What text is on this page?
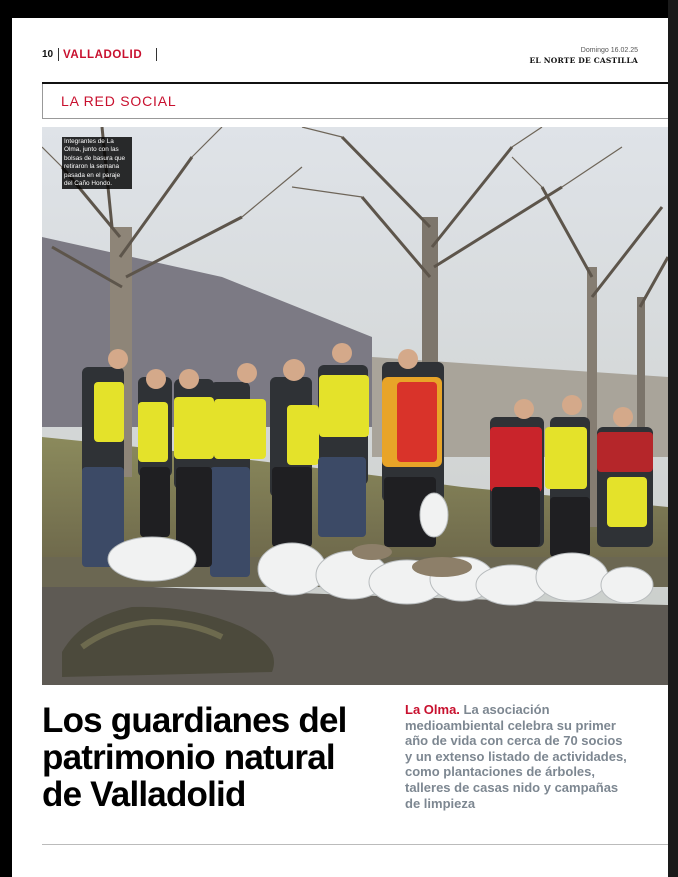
10 VALLADOLID	Domingo 16.02.25
EL NORTE DE CASTILLA
LA RED SOCIAL
Integrantes de La Olma, junto con las bolsas de basura que retiraron la semana pasada en el paraje del Caño Hondo.
Los guardianes del patrimonio natural de Valladolid

La Olma. La asociación medioambiental celebra su primer año de vida con cerca de 70 socios y un extenso listado de actividades, como plantaciones de árboles, talleres de casas nido y campañas de limpieza
